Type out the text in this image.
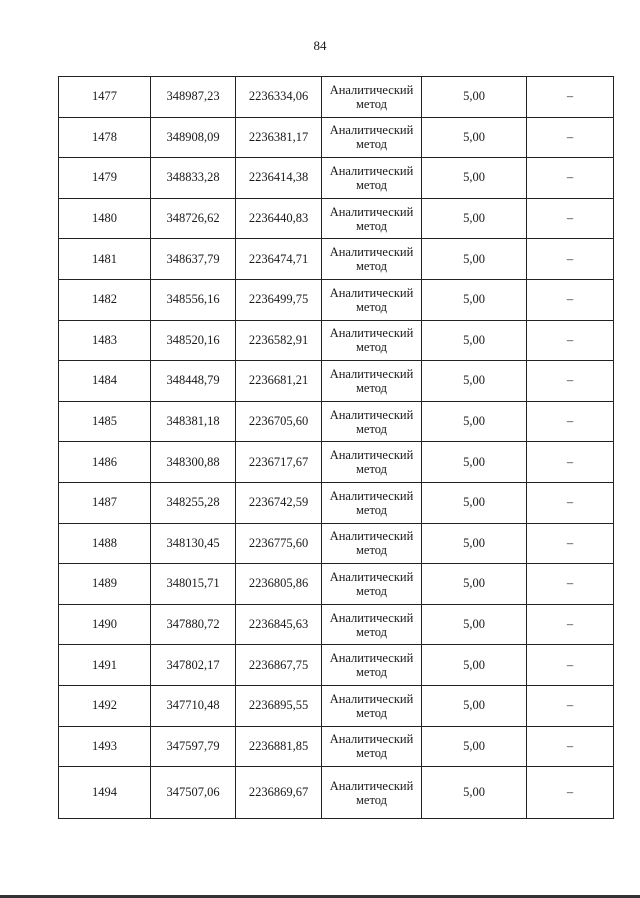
84
1477	348987,23	2236334,06	Аналитический метод	5,00	–
1478	348908,09	2236381,17	Аналитический метод	5,00	–
1479	348833,28	2236414,38	Аналитический метод	5,00	–
1480	348726,62	2236440,83	Аналитический метод	5,00	–
1481	348637,79	2236474,71	Аналитический метод	5,00	–
1482	348556,16	2236499,75	Аналитический метод	5,00	–
1483	348520,16	2236582,91	Аналитический метод	5,00	–
1484	348448,79	2236681,21	Аналитический метод	5,00	–
1485	348381,18	2236705,60	Аналитический метод	5,00	–
1486	348300,88	2236717,67	Аналитический метод	5,00	–
1487	348255,28	2236742,59	Аналитический метод	5,00	–
1488	348130,45	2236775,60	Аналитический метод	5,00	–
1489	348015,71	2236805,86	Аналитический метод	5,00	–
1490	347880,72	2236845,63	Аналитический метод	5,00	–
1491	347802,17	2236867,75	Аналитический метод	5,00	–
1492	347710,48	2236895,55	Аналитический метод	5,00	–
1493	347597,79	2236881,85	Аналитический метод	5,00	–
1494	347507,06	2236869,67	Аналитический метод	5,00	–
